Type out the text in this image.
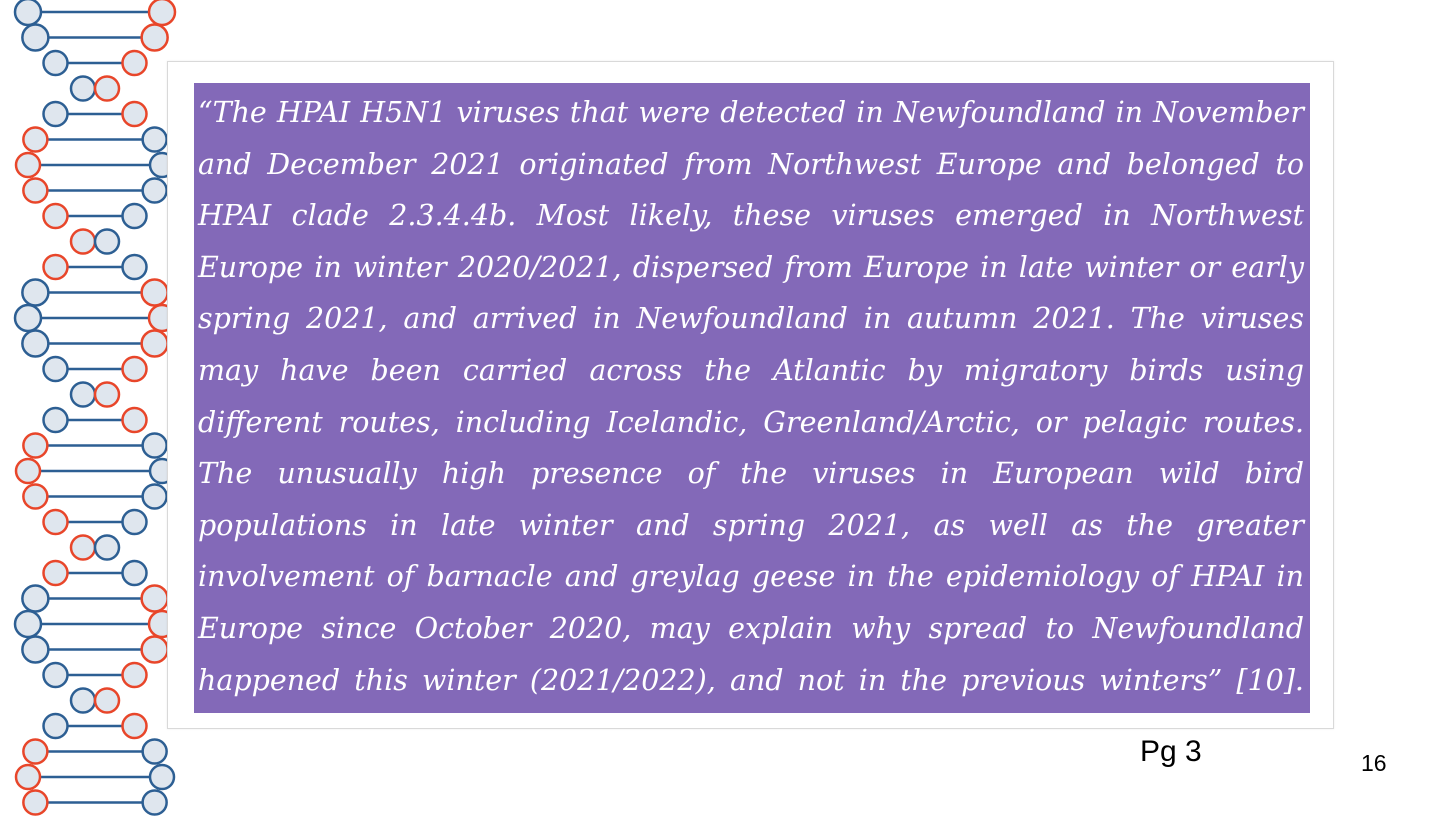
“The HPAI H5N1 viruses that were detected in Newfoundland in November and December 2021 originated from Northwest Europe and belonged to HPAI clade 2.3.4.4b. Most likely, these viruses emerged in Northwest Europe in winter 2020/2021, dispersed from Europe in late winter or early spring 2021, and arrived in Newfoundland in autumn 2021. The viruses may have been carried across the Atlantic by migratory birds using different routes, including Icelandic, Greenland/Arctic, or pelagic routes. The unusually high presence of the viruses in European wild bird populations in late winter and spring 2021, as well as the greater involvement of barnacle and greylag geese in the epidemiology of HPAI in Europe since October 2020, may explain why spread to Newfoundland happened this winter (2021/2022), and not in the previous winters” [10].

Pg 3	16
